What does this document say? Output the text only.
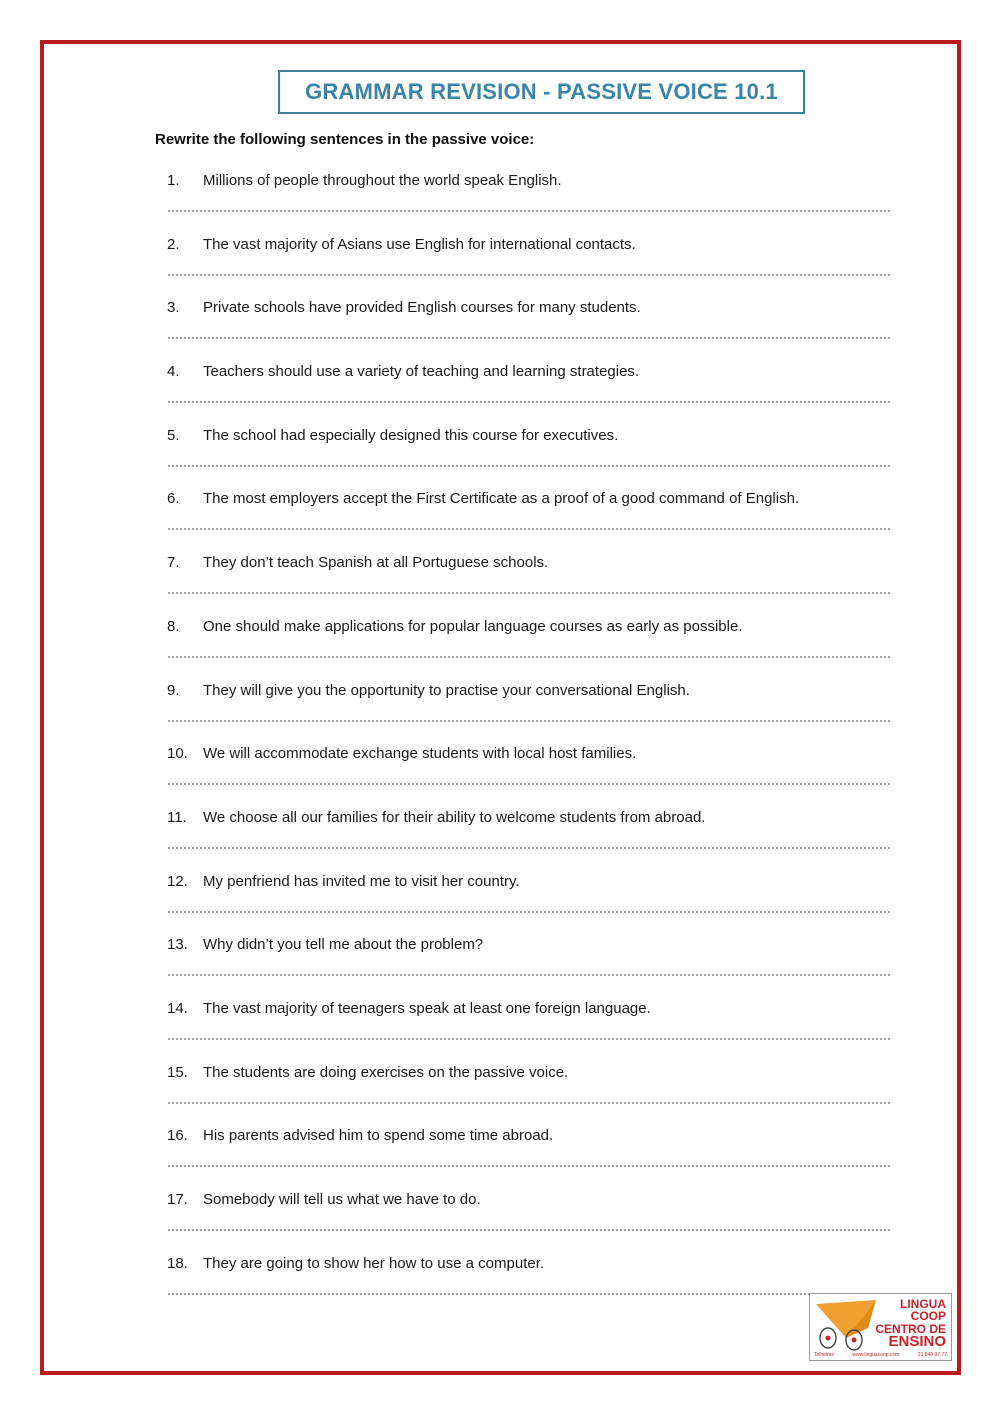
GRAMMAR REVISION - PASSIVE VOICE 10.1
Rewrite the following sentences in the passive voice:
1. Millions of people throughout the world speak English.
2. The vast majority of Asians use English for international contacts.
3. Private schools have provided English courses for many students.
4. Teachers should use a variety of teaching and learning strategies.
5. The school had especially designed this course for executives.
6. The most employers accept the First Certificate as a proof of a good command of English.
7. They don’t teach Spanish at all Portuguese schools.
8. One should make applications for popular language courses as early as possible.
9. They will give you the opportunity to practise your conversational English.
10. We will accommodate exchange students with local host families.
11. We choose all our families for their ability to welcome students from abroad.
12. My penfriend has invited me to visit her country.
13. Why didn’t you tell me about the problem?
14. The vast majority of teenagers speak at least one foreign language.
15. The students are doing exercises on the passive voice.
16. His parents advised him to spend some time abroad.
17. Somebody will tell us what we have to do.
18. They are going to show her how to use a computer.
LINGUA
COOP
CENTRO DE
ENSINO
Telheiras	www.linguacoop.com	21 840 97 77
